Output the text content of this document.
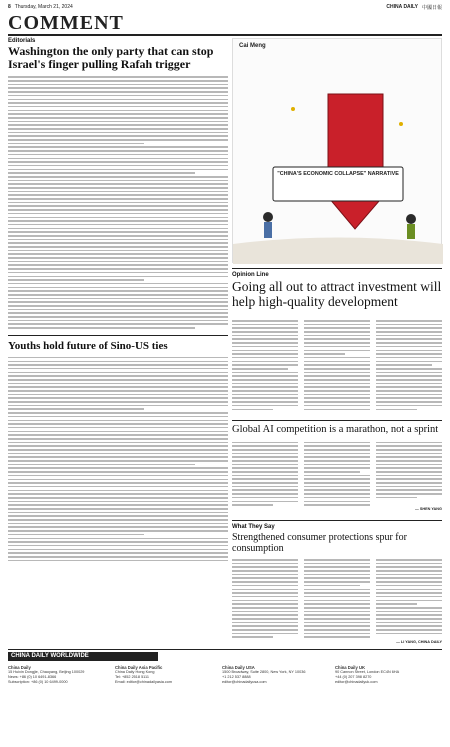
8 Thursday, March 21, 2024	CHINA DAILY 中國日報
COMMENT
Editorials
Washington the only party that can stop Israel's finger pulling Rafah trigger
Youths hold future of Sino-US ties
Cai Meng
"CHINA'S ECONOMIC COLLAPSE" NARRATIVE
Opinion Line
Going all out to attract investment will help high-quality development
Global AI competition is a marathon, not a sprint
— SHEN YANG
What They Say
Strengthened consumer protections spur for consumption
— LI YANG, CHINA DAILY
CHINA DAILY WORLDWIDE
China Daily
15 Huixin Dongjie, Chaoyang, Beijing 100029
News: +86 (0) 10 6491-8366
Subscription: +86 (0) 10 6499-0000
China Daily Asia Pacific
China Daily Hong Kong
Tel: +852 2518 5111
Email: editor@chinadailyasia.com
China Daily USA
1500 Broadway, Suite 2800, New York, NY 10036
+1 212 537 8888
editor@chinadailyusa.com
China Daily UK
90 Cannon Street, London EC4N 6HA
+44 (0) 207 398 8270
editor@chinadailyuk.com
